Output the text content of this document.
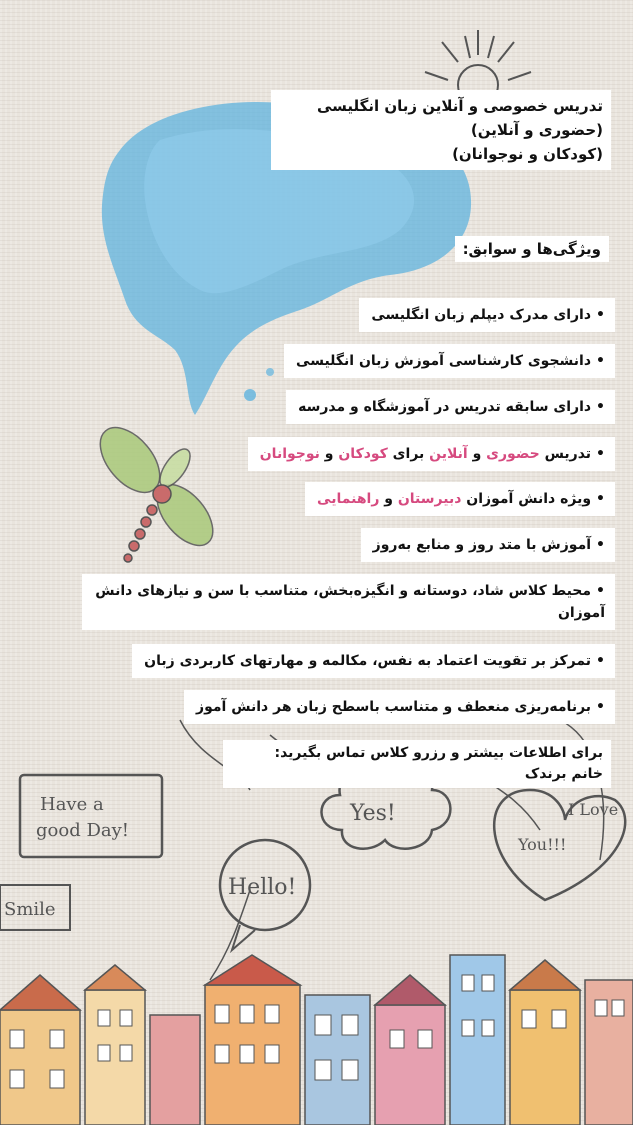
Have a
good Day!
Yes!
Hello!
Smile
I Love
You!!!
تدریس خصوصی و آنلاین زبان انگلیسی
(حضوری و آنلاین)
(کودکان و نوجوانان)
ویژگی‌ها و سوابق:
•دارای مدرک دیپلم زبان انگلیسی
•دانشجوی کارشناسی آموزش زبان انگلیسی
•دارای سابقه تدریس در آموزشگاه و مدرسه
•تدریس حضوری و آنلاین برای کودکان و نوجوانان
•ویژه دانش آموزان دبیرستان و راهنمایی
•آموزش با متد روز و منابع به‌روز
•محیط کلاس شاد، دوستانه و انگیزه‌بخش، متناسب با سن و نیازهای دانش آموزان
•تمرکز بر تقویت اعتماد به نفس، مکالمه و مهارتهای کاربردی زبان
•برنامه‌ریزی منعطف و متناسب باسطح زبان هر دانش آموز
برای اطلاعات بیشتر و رزرو کلاس تماس بگیرید:
خانم برندک
